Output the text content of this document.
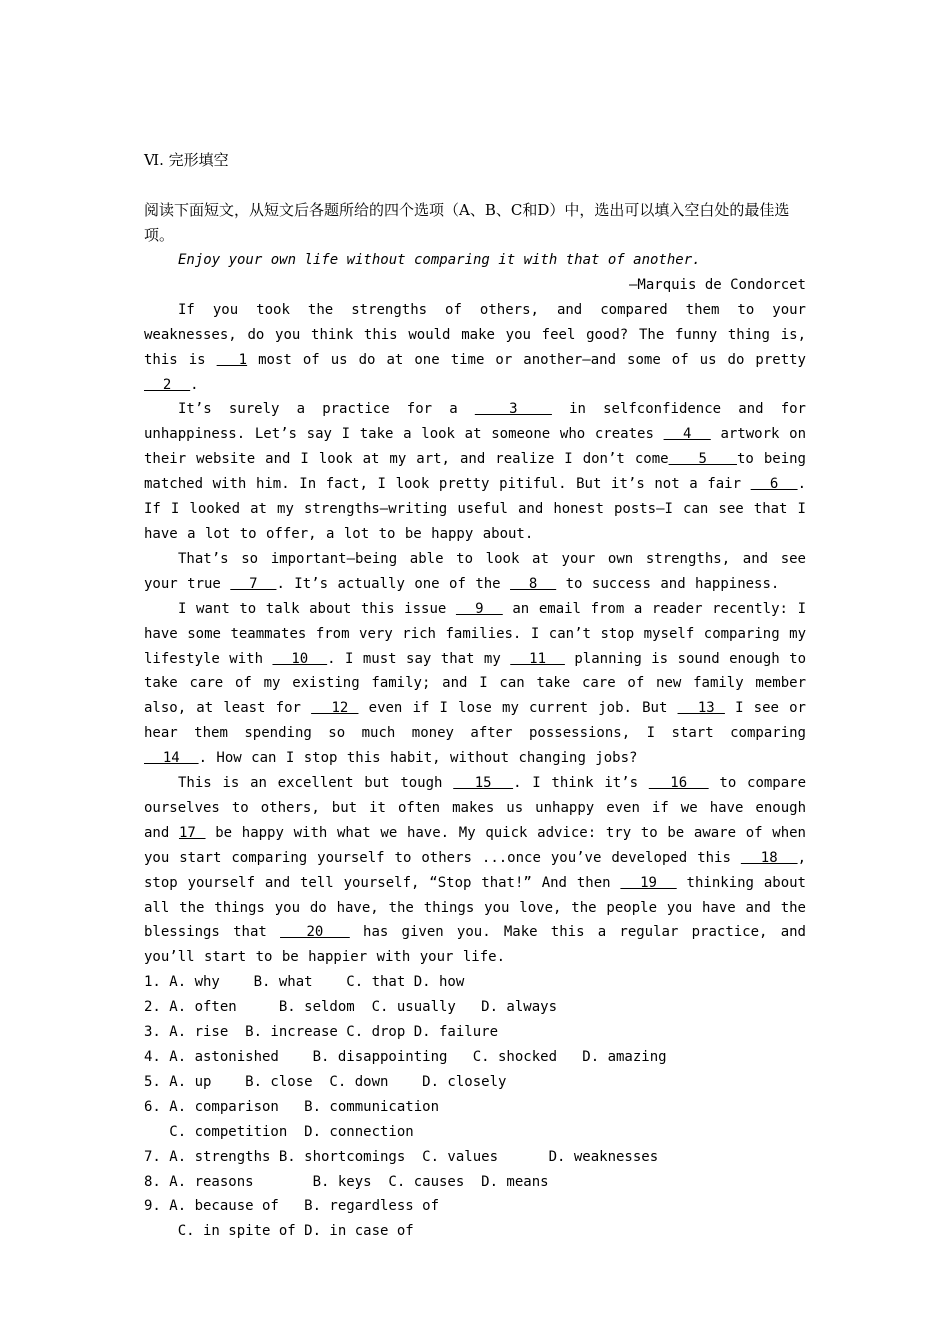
Ⅵ. 完形填空
阅读下面短文，从短文后各题所给的四个选项（A、B、C和D）中，选出可以填入空白处的最佳选项。
Enjoy your own life without comparing it with that of another.
—Marquis de Condorcet
If you took the strengths of others, and compared them to your weaknesses, do you think this would make you feel good? The funny thing is, this is   1 most of us do at one time or another—and some of us do pretty   2  .
It’s surely a practice for a   3   in selfconfidence and for unhappiness. Let’s say I take a look at someone who creates   4   artwork on their website and I look at my art, and realize I don’t come   5   to being matched with him. In fact, I look pretty pitiful. But it’s not a fair   6  . If I looked at my strengths—writing useful and honest posts—I can see that I have a lot to offer, a lot to be happy about.
That’s so important—being able to look at your own strengths, and see your true   7  . It’s actually one of the   8   to success and happiness.
I want to talk about this issue   9   an email from a reader recently: I have some teammates from very rich families. I can’t stop myself comparing my lifestyle with   10  . I must say that my   11   planning is sound enough to take care of my existing family; and I can take care of new family member also, at least for   12  even if I lose my current job. But   13  I see or hear them spending so much money after possessions, I start comparing   14  . How can I stop this habit, without changing jobs?
This is an excellent but tough   15  . I think it’s   16   to compare ourselves to others, but it often makes us unhappy even if we have enough and 17  be happy with what we have. My quick advice: try to be aware of when you start comparing yourself to others ...once you’ve developed this   18  , stop yourself and tell yourself, “Stop that!” And then   19   thinking about all the things you do have, the things you love, the people you have and the blessings that   20   has given you. Make this a regular practice, and you’ll start to be happier with your life.
1. A. why    B. what    C. that D. how
2. A. often     B. seldom  C. usually   D. always
3. A. rise  B. increase C. drop D. failure
4. A. astonished    B. disappointing   C. shocked   D. amazing
5. A. up    B. close  C. down    D. closely
6. A. comparison   B. communication
C. competition  D. connection
7. A. strengths B. shortcomings  C. values      D. weaknesses
8. A. reasons       B. keys  C. causes  D. means
9. A. because of   B. regardless of
C. in spite of D. in case of
